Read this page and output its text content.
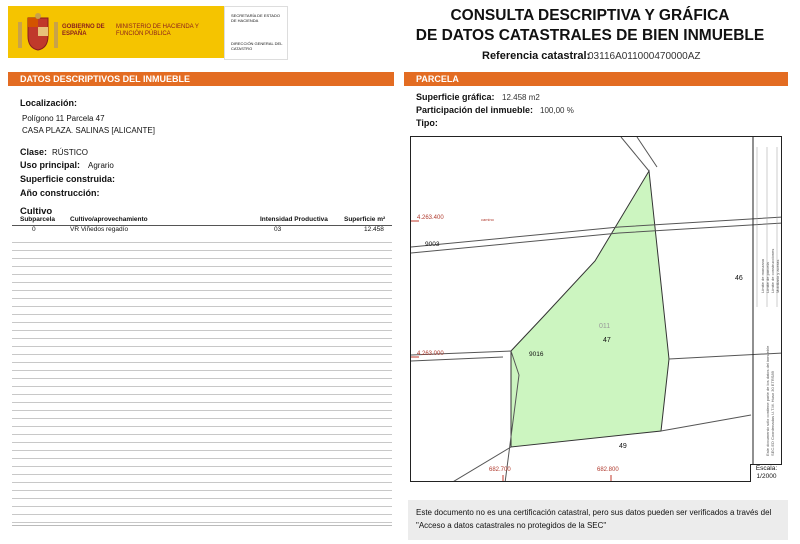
GOBIERNO DE ESPAÑA
MINISTERIO DE HACIENDA Y FUNCIÓN PÚBLICA
SECRETARÍA DE ESTADO DE HACIENDA
DIRECCIÓN GENERAL DEL CATASTRO
CONSULTA DESCRIPTIVA Y GRÁFICA
DE DATOS CATASTRALES DE BIEN INMUEBLE
Referencia catastral:
03116A011000470000AZ
DATOS DESCRIPTIVOS DEL INMUEBLE	PARCELA
Localización:
Polígono 11 Parcela 47
CASA PLAZA. SALINAS [ALICANTE]
Clase: RÚSTICO
Uso principal: Agrario
Superficie construida:
Año construcción:
Cultivo
Subparcela Cultivo/aprovechamiento	Intensidad Productiva Superficie m²
0	VR Viñedos regadío	03	12.458
Superficie gráfica: 12.458 m2
Participación del inmueble: 100,00 %
Tipo:
4.263.400
4.263.000
682.700	682.800
camino
9003
011
47
9016
46
49
Límite de manzana Límite de parcela Límite de construcciones Mobiliario y aceras
Este documento sólo contiene parte de los datos del inmueble SEC.ED Coordenadas U.T.M. Huso 30 ETRS89
Escala:
1/2000
Este documento no es una certificación catastral, pero sus datos pueden ser verificados a través del "Acceso a datos catastrales no protegidos de la SEC"
